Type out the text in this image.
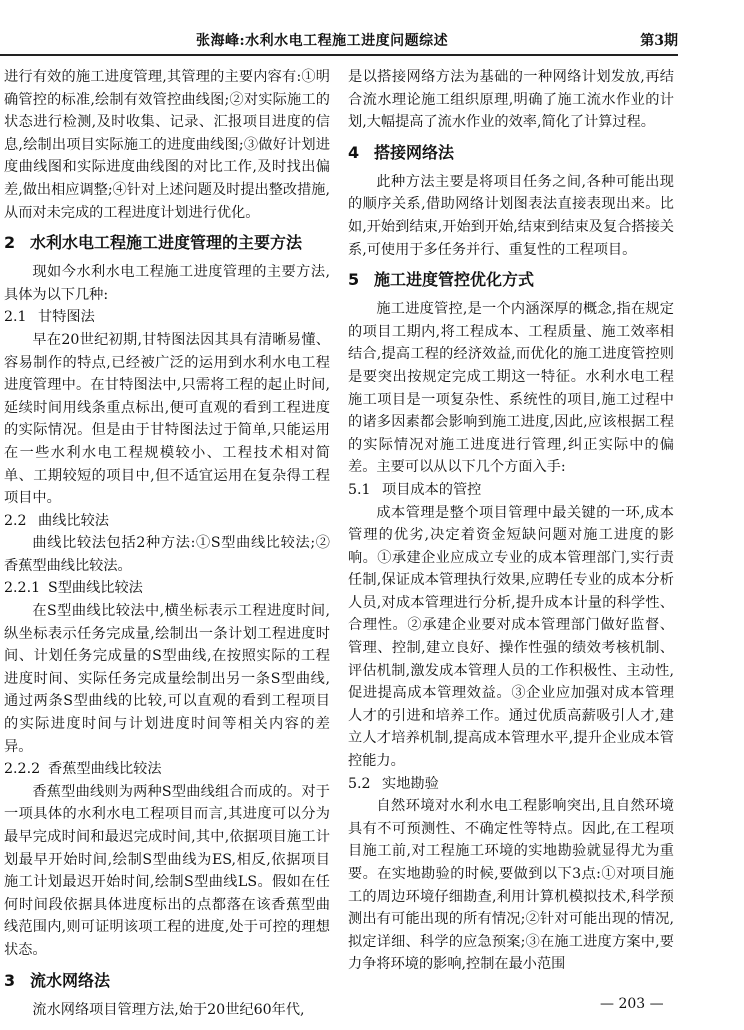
张海峰:水利水电工程施工进度问题综述	第3期

进行有效的施工进度管理,其管理的主要内容有:①明确管控的标准,绘制有效管控曲线图;②对实际施工的状态进行检测,及时收集、记录、汇报项目进度的信息,绘制出项目实际施工的进度曲线图;③做好计划进度曲线图和实际进度曲线图的对比工作,及时找出偏差,做出相应调整;④针对上述问题及时提出整改措施,从而对未完成的工程进度计划进行优化。

2 水利水电工程施工进度管理的主要方法

现如今水利水电工程施工进度管理的主要方法,具体为以下几种:

2.1 甘特图法

早在20世纪初期,甘特图法因其具有清晰易懂、容易制作的特点,已经被广泛的运用到水利水电工程进度管理中。在甘特图法中,只需将工程的起止时间,延续时间用线条重点标出,便可直观的看到工程进度的实际情况。但是由于甘特图法过于简单,只能运用在一些水利水电工程规模较小、工程技术相对简单、工期较短的项目中,但不适宜运用在复杂得工程项目中。

2.2 曲线比较法

曲线比较法包括2种方法:①S型曲线比较法;②香蕉型曲线比较法。

2.2.1 S型曲线比较法

在S型曲线比较法中,横坐标表示工程进度时间,纵坐标表示任务完成量,绘制出一条计划工程进度时间、计划任务完成量的S型曲线,在按照实际的工程进度时间、实际任务完成量绘制出另一条S型曲线,通过两条S型曲线的比较,可以直观的看到工程项目的实际进度时间与计划进度时间等相关内容的差异。

2.2.2 香蕉型曲线比较法

香蕉型曲线则为两种S型曲线组合而成的。对于一项具体的水利水电工程项目而言,其进度可以分为最早完成时间和最迟完成时间,其中,依据项目施工计划最早开始时间,绘制S型曲线为ES,相反,依据项目施工计划最迟开始时间,绘制S型曲线LS。假如在任何时间段依据具体进度标出的点都落在该香蕉型曲线范围内,则可证明该项工程的进度,处于可控的理想状态。

3 流水网络法

流水网络项目管理方法,始于20世纪60年代,

是以搭接网络方法为基础的一种网络计划发放,再结合流水理论施工组织原理,明确了施工流水作业的计划,大幅提高了流水作业的效率,简化了计算过程。

4 搭接网络法

此种方法主要是将项目任务之间,各种可能出现的顺序关系,借助网络计划图表法直接表现出来。比如,开始到结束,开始到开始,结束到结束及复合搭接关系,可使用于多任务并行、重复性的工程项目。

5 施工进度管控优化方式

施工进度管控,是一个内涵深厚的概念,指在规定的项目工期内,将工程成本、工程质量、施工效率相结合,提高工程的经济效益,而优化的施工进度管控则是要突出按规定完成工期这一特征。水利水电工程施工项目是一项复杂性、系统性的项目,施工过程中的诸多因素都会影响到施工进度,因此,应该根据工程的实际情况对施工进度进行管理,纠正实际中的偏差。主要可以从以下几个方面入手:

5.1 项目成本的管控

成本管理是整个项目管理中最关键的一环,成本管理的优劣,决定着资金短缺问题对施工进度的影响。①承建企业应成立专业的成本管理部门,实行责任制,保证成本管理执行效果,应聘任专业的成本分析人员,对成本管理进行分析,提升成本计量的科学性、合理性。②承建企业要对成本管理部门做好监督、管理、控制,建立良好、操作性强的绩效考核机制、评估机制,激发成本管理人员的工作积极性、主动性,促进提高成本管理效益。③企业应加强对成本管理人才的引进和培养工作。通过优质高薪吸引人才,建立人才培养机制,提高成本管理水平,提升企业成本管控能力。

5.2 实地勘验

自然环境对水利水电工程影响突出,且自然环境具有不可预测性、不确定性等特点。因此,在工程项目施工前,对工程施工环境的实地勘验就显得尤为重要。在实地勘验的时候,要做到以下3点:①对项目施工的周边环境仔细勘查,利用计算机模拟技术,科学预测出有可能出现的所有情况;②针对可能出现的情况,拟定详细、科学的应急预案;③在施工进度方案中,要力争将环境的影响,控制在最小范围

— 203 —
